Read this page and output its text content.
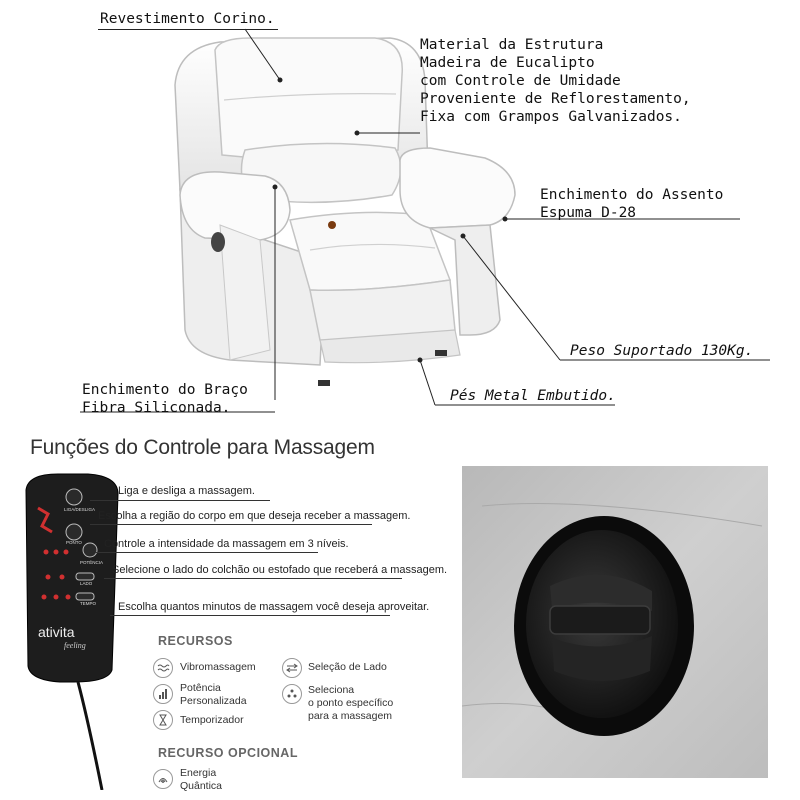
Revestimento Corino.
Material da Estrutura
Madeira de Eucalipto
com Controle de Umidade
Proveniente de Reflorestamento,
Fixa com Grampos Galvanizados.
Enchimento do Assento
Espuma D-28
Peso Suportado 130Kg.
Enchimento do Braço
Fibra Siliconada.
Pés Metal Embutido.
Funções do Controle para Massagem
LIGA/DESLIGA
PONTO
POTÊNCIA
LADO
TEMPO
ativita
feeling
Liga e desliga a massagem.
Escolha a região do corpo em que deseja receber a massagem.
Controle a intensidade da massagem em 3 níveis.
Selecione o lado do colchão ou estofado que receberá a massagem.
Escolha quantos minutos de massagem você deseja aproveitar.
RECURSOS
Vibromassagem
Potência
Personalizada
Temporizador
Seleção de Lado
Seleciona
o ponto específico
para a massagem
RECURSO OPCIONAL
Energia
Quântica
